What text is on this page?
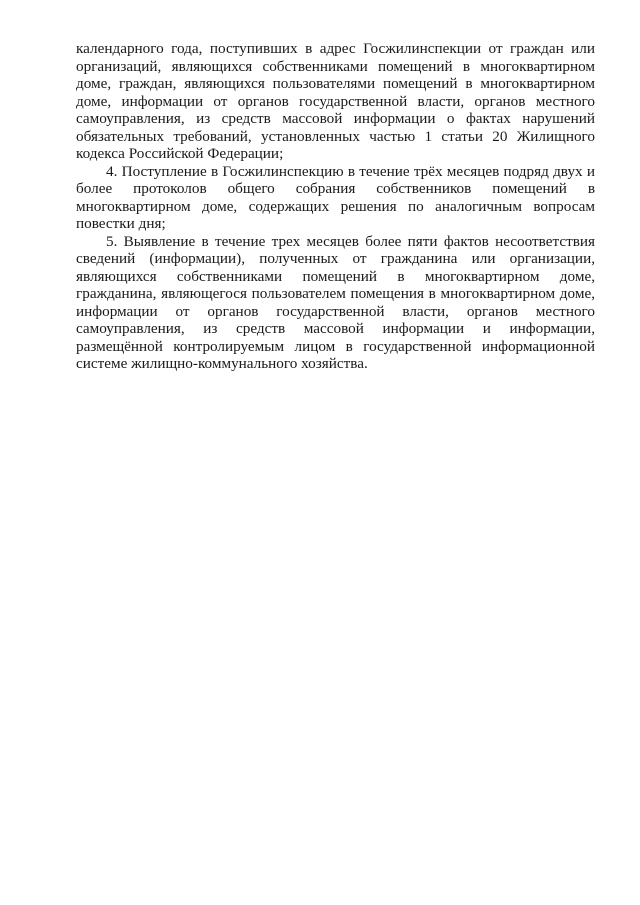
календарного года, поступивших в адрес Госжилинспекции от граждан или организаций, являющихся собственниками помещений в многоквартирном доме, граждан, являющихся пользователями помещений в многоквартирном доме, информации от органов государственной власти, органов местного самоуправления, из средств массовой информации о фактах нарушений обязательных требований, установленных частью 1 статьи 20 Жилищного кодекса Российской Федерации;

4. Поступление в Госжилинспекцию в течение трёх месяцев подряд двух и более протоколов общего собрания собственников помещений в многоквартирном доме, содержащих решения по аналогичным вопросам повестки дня;

5. Выявление в течение трех месяцев более пяти фактов несоответствия сведений (информации), полученных от гражданина или организации, являющихся собственниками помещений в многоквартирном доме, гражданина, являющегося пользователем помещения в многоквартирном доме, информации от органов государственной власти, органов местного самоуправления, из средств массовой информации и информации, размещённой контролируемым лицом в государственной информационной системе жилищно-коммунального хозяйства.
